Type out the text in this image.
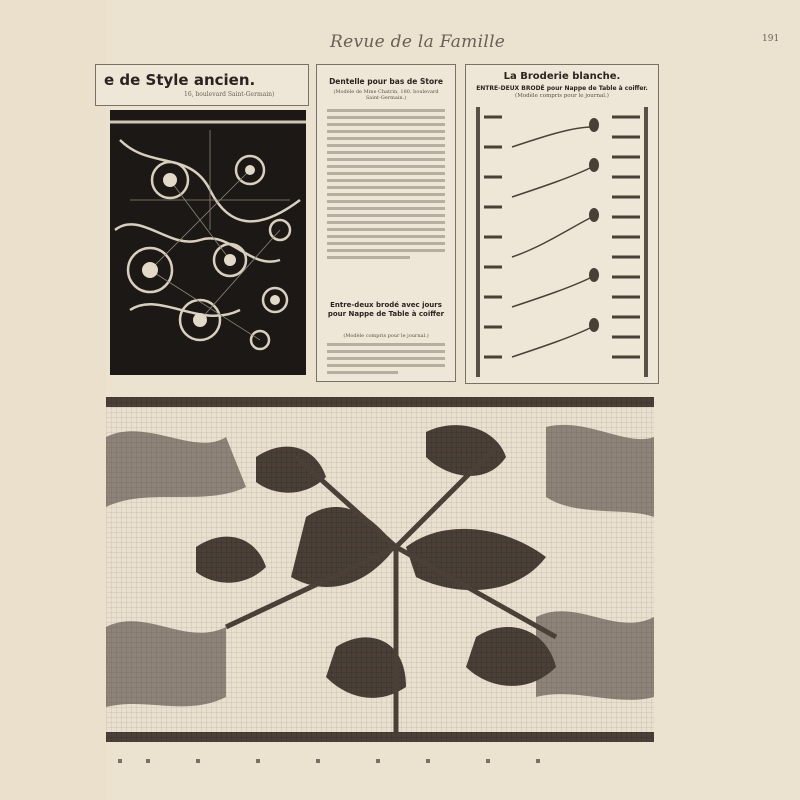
Revue de la Famille	191
e de Style ancien.
16, boulevard Saint-Germain)
Dentelle pour bas de Store
(Modèle de Mme Chatrin, 180, boulevard Saint-Germain.)
Entre-deux brodé avec jours pour Nappe de Table à coiffer
(Modèle compris pour le journal.)
La Broderie blanche.
ENTRE-DEUX BRODÉ pour Nappe de Table à coiffer.
(Modèle compris pour le journal.)
